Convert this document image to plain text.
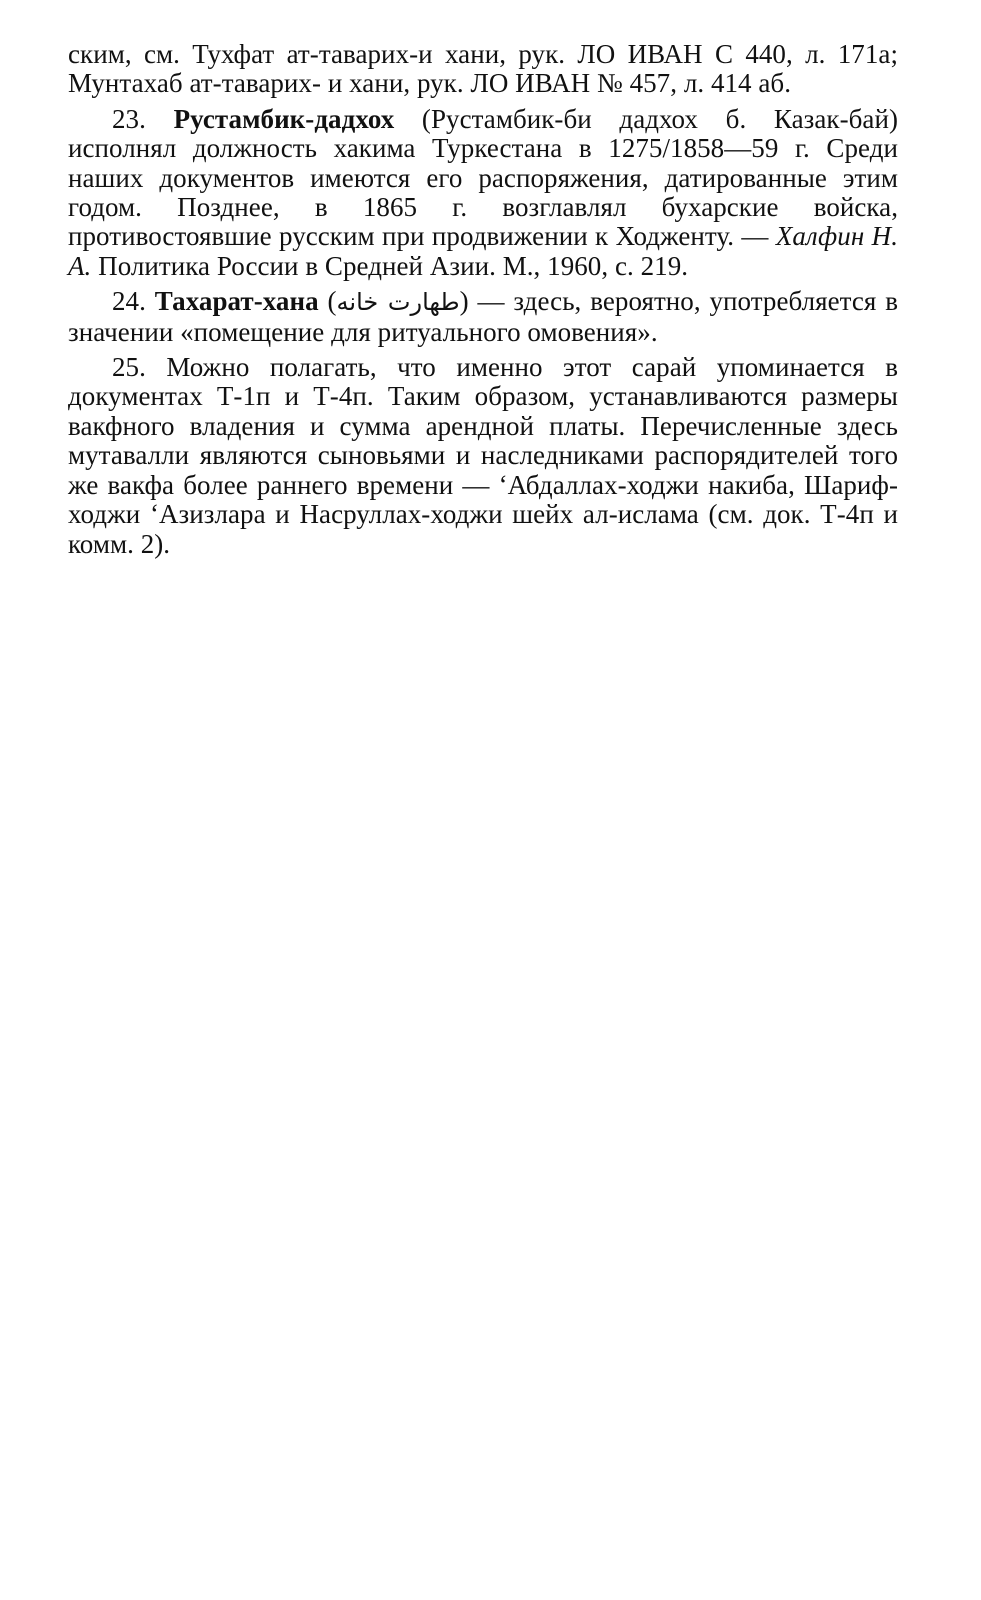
ским, см. Тухфат ат-таварих-и хани, рук. ЛО ИВАН С 440, л. 171а; Мунтахаб ат-таварих- и хани, рук. ЛО ИВАН № 457, л. 414 аб.

23. Рустамбик-дадхох (Рустамбик-би дадхох б. Казак-бай) исполнял должность хакима Туркестана в 1275/1858—59 г. Среди наших документов имеются его распоряжения, датированные этим годом. Позднее, в 1865 г. возглавлял бухарские войска, противостоявшие русским при продвижении к Ходженту. — Халфин Н. А. Политика России в Средней Азии. М., 1960, с. 219.

24. Тахарат-хана (طهارت خانه) — здесь, вероятно, употребляется в значении «помещение для ритуального омовения».

25. Можно полагать, что именно этот сарай упоминается в документах Т-1п и Т-4п. Таким образом, устанавливаются размеры вакфного владения и сумма арендной платы. Перечисленные здесь мутавалли являются сыновьями и наследниками распорядителей того же вакфа более раннего времени — ‘Абдаллах-ходжи накиба, Шариф-ходжи ‘Азизлара и Насруллах-ходжи шейх ал-ислама (см. док. Т-4п и комм. 2).
